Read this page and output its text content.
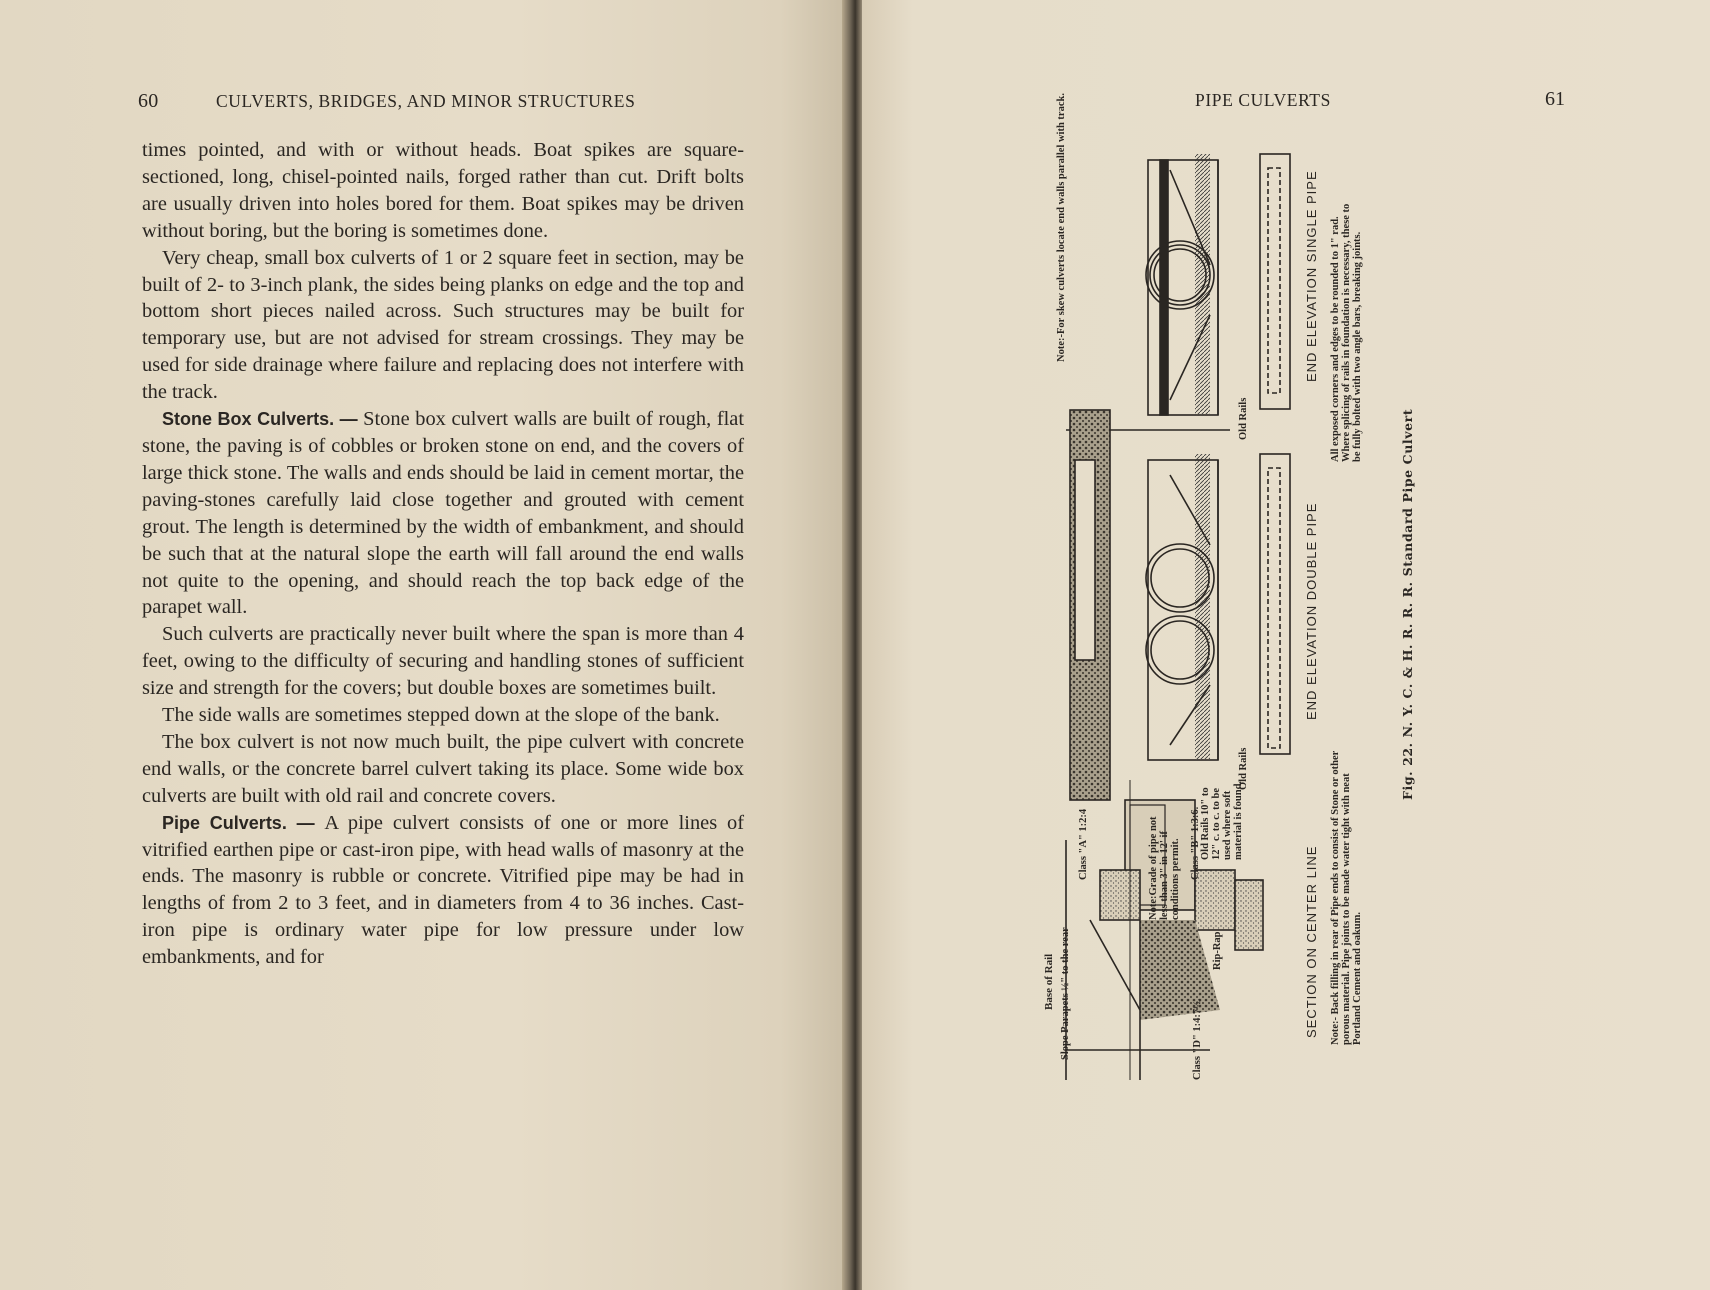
60	CULVERTS, BRIDGES, AND MINOR STRUCTURES

times pointed, and with or without heads. Boat spikes are square-sectioned, long, chisel-pointed nails, forged rather than cut. Drift bolts are usually driven into holes bored for them. Boat spikes may be driven without boring, but the boring is sometimes done.

Very cheap, small box culverts of 1 or 2 square feet in section, may be built of 2- to 3-inch plank, the sides being planks on edge and the top and bottom short pieces nailed across. Such structures may be built for temporary use, but are not advised for stream crossings. They may be used for side drainage where failure and replacing does not interfere with the track.

Stone Box Culverts. — Stone box culvert walls are built of rough, flat stone, the paving is of cobbles or broken stone on end, and the covers of large thick stone. The walls and ends should be laid in cement mortar, the paving-stones carefully laid close together and grouted with cement grout. The length is determined by the width of embankment, and should be such that at the natural slope the earth will fall around the end walls not quite to the opening, and should reach the top back edge of the parapet wall.

Such culverts are practically never built where the span is more than 4 feet, owing to the difficulty of securing and handling stones of sufficient size and strength for the covers; but double boxes are sometimes built.

The side walls are sometimes stepped down at the slope of the bank.

The box culvert is not now much built, the pipe culvert with concrete end walls, or the concrete barrel culvert taking its place. Some wide box culverts are built with old rail and concrete covers.

Pipe Culverts. — A pipe culvert consists of one or more lines of vitrified earthen pipe or cast-iron pipe, with head walls of masonry at the ends. The masonry is rubble or concrete. Vitrified pipe may be had in lengths of from 2 to 3 feet, and in diameters from 4 to 36 inches. Cast-iron pipe is ordinary water pipe for low pressure under low embankments, and for

PIPE CULVERTS	61
Note:-For skew culverts locate end walls parallel with track.
Base of Rail
Old Rails
Old Rails
Slope Parapets ½" to the rear
Class "A" 1:2:4
Rip-Rap
Class "D" 1:4:7½.
Note:Grade of pipe not less than 3" in 12' if conditions permit. Class "B" 1:3:6. Old Rails 10" to 12" c. to c. to be used where soft material is found.
END ELEVATION SINGLE PIPE
END ELEVATION DOUBLE PIPE
SECTION ON CENTER LINE
All exposed corners and edges to be rounded to 1" rad. Where splicing of rails in foundation is necessary, these to be fully bolted with two angle bars, breaking joints.
Note:- Back filling in rear of Pipe ends to consist of Stone or other porous material. Pipe joints to be made water tight with neat Portland Cement and oakum.
Fig. 22. N. Y. C. & H. R. R. R. Standard Pipe Culvert
